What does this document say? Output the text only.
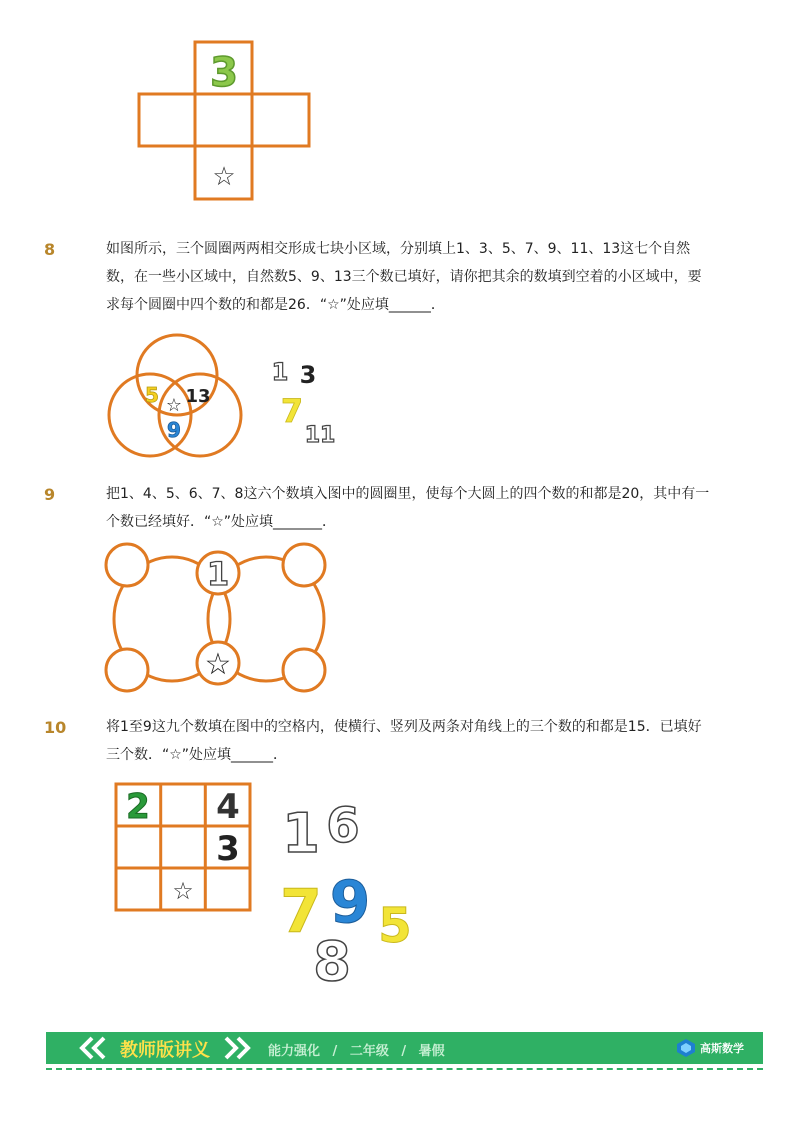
3
☆
8	如图所示，三个圆圈两两相交形成七块小区域，分别填上1、3、5、7、9、11、13这七个自然
数，在一些小区域中，自然数5、9、13三个数已填好，请你把其余的数填到空着的小区域中，要
求每个圆圈中四个数的和都是26．“☆”处应填______．
5 13
☆
9
1 3
7
11
9	把1、4、5、6、7、8这六个数填入图中的圆圈里，使每个大圆上的四个数的和都是20，其中有一
个数已经填好．“☆”处应填_______．
1
☆
10	将1至9这九个数填在图中的空格内，使横行、竖列及两条对角线上的三个数的和都是15．已填好
三个数．“☆”处应填______．
2 4
3
☆
1 6
7 9 5
8
教师版讲义	能力强化 / 二年级 / 暑假	高斯数学
